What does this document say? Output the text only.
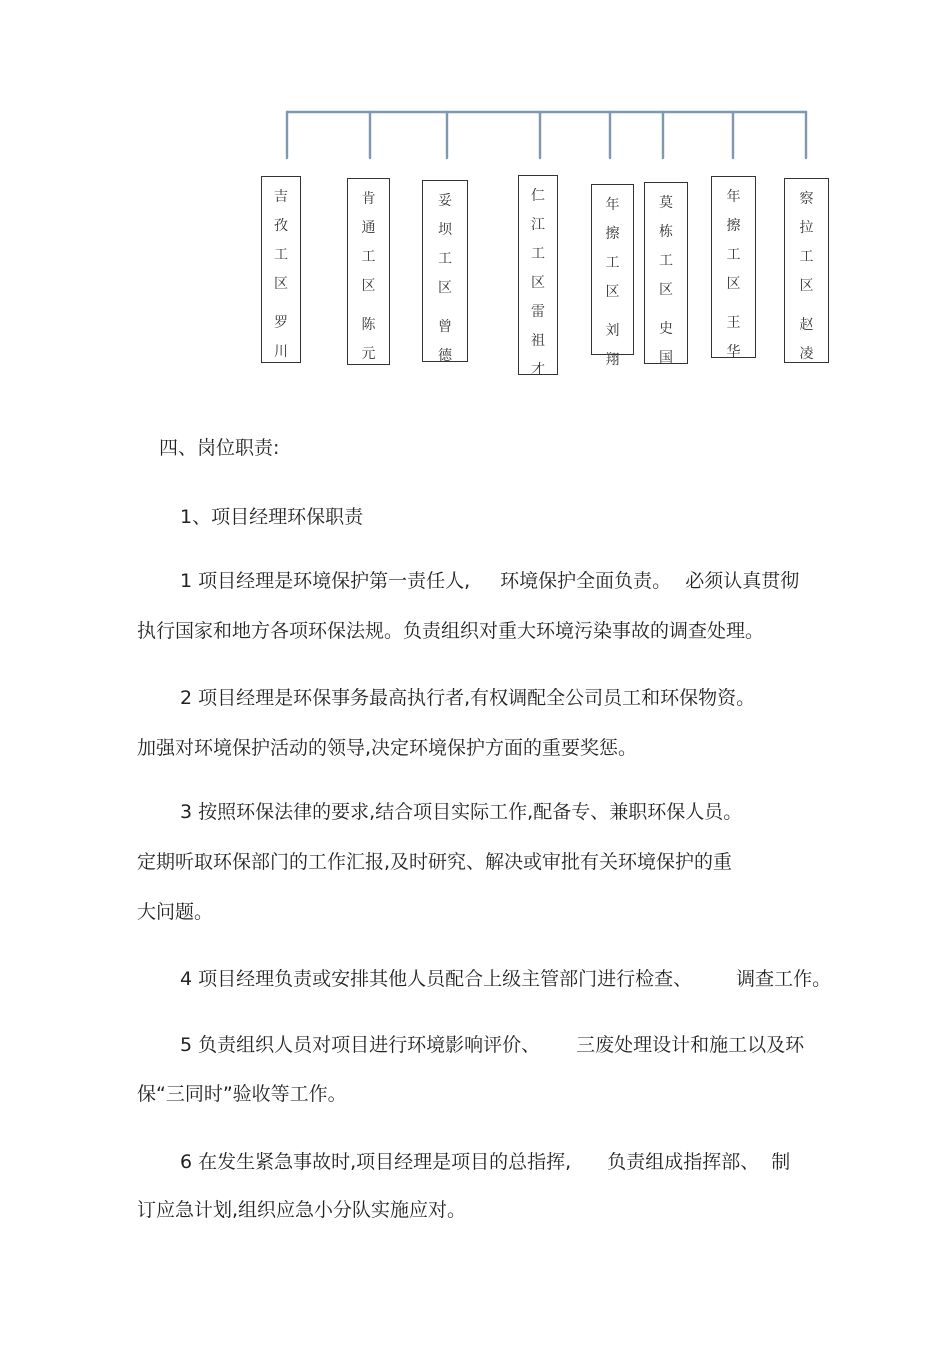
吉
孜
工
区
罗
川
肯
通
工
区
陈
元
妥
坝
工
区
曾
德
仁
江
工
区
雷
祖
才
年
擦
工
区
刘
翔
莫
栋
工
区
史
国
年
擦
工
区
王
华
察
拉
工
区
赵
凌
四、岗位职责:
1、项目经理环保职责
1 项目经理是环境保护第一责任人, 环境保护全面负责。 必须认真贯彻
执行国家和地方各项环保法规。负责组织对重大环境污染事故的调查处理。
2 项目经理是环保事务最高执行者,有权调配全公司员工和环保物资。
加强对环境保护活动的领导,决定环境保护方面的重要奖惩。
3 按照环保法律的要求,结合项目实际工作,配备专、兼职环保人员。
定期听取环保部门的工作汇报,及时研究、解决或审批有关环境保护的重
大问题。
4 项目经理负责或安排其他人员配合上级主管部门进行检查、 调查工作。
5 负责组织人员对项目进行环境影响评价、 三废处理设计和施工以及环
保“三同时”验收等工作。
6 在发生紧急事故时,项目经理是项目的总指挥, 负责组成指挥部、 制
订应急计划,组织应急小分队实施应对。
